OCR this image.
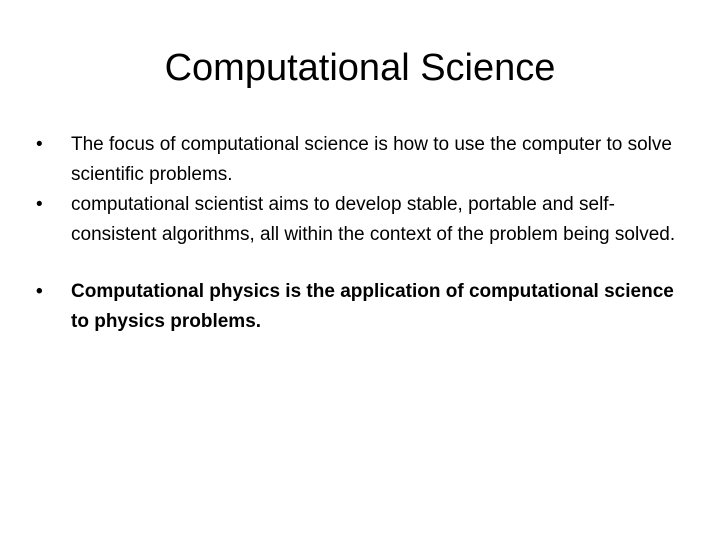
Computational Science
•	The focus of computational science is how to use the computer to solve scientific problems.
•	computational scientist aims to develop stable, portable and self-consistent algorithms, all within the context of the problem being solved.
•	Computational physics is the application of computational science to physics problems.
